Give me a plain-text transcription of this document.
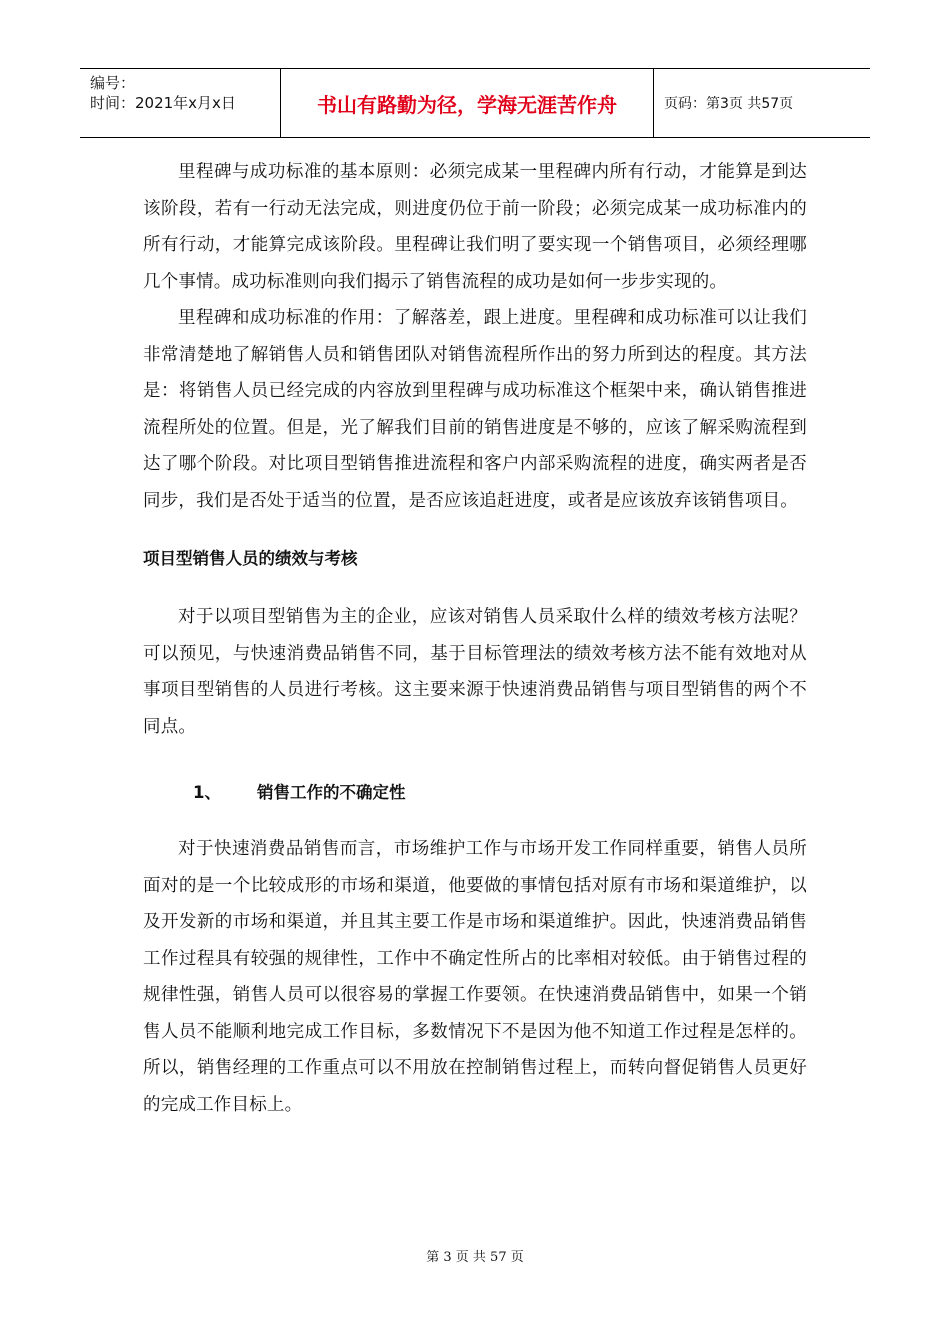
编号：
时间：2021年x月x日	书山有路勤为径，学海无涯苦作舟	页码：第3页 共57页

里程碑与成功标准的基本原则：必须完成某一里程碑内所有行动，才能算是到达该阶段，若有一行动无法完成，则进度仍位于前一阶段；必须完成某一成功标准内的所有行动，才能算完成该阶段。里程碑让我们明了要实现一个销售项目，必须经理哪几个事情。成功标准则向我们揭示了销售流程的成功是如何一步步实现的。

里程碑和成功标准的作用：了解落差，跟上进度。里程碑和成功标准可以让我们非常清楚地了解销售人员和销售团队对销售流程所作出的努力所到达的程度。其方法是：将销售人员已经完成的内容放到里程碑与成功标准这个框架中来，确认销售推进流程所处的位置。但是，光了解我们目前的销售进度是不够的，应该了解采购流程到达了哪个阶段。对比项目型销售推进流程和客户内部采购流程的进度，确实两者是否同步，我们是否处于适当的位置，是否应该追赶进度，或者是应该放弃该销售项目。

项目型销售人员的绩效与考核

对于以项目型销售为主的企业，应该对销售人员采取什么样的绩效考核方法呢？可以预见，与快速消费品销售不同，基于目标管理法的绩效考核方法不能有效地对从事项目型销售的人员进行考核。这主要来源于快速消费品销售与项目型销售的两个不同点。

1、 销售工作的不确定性

对于快速消费品销售而言，市场维护工作与市场开发工作同样重要，销售人员所面对的是一个比较成形的市场和渠道，他要做的事情包括对原有市场和渠道维护，以及开发新的市场和渠道，并且其主要工作是市场和渠道维护。因此，快速消费品销售工作过程具有较强的规律性，工作中不确定性所占的比率相对较低。由于销售过程的规律性强，销售人员可以很容易的掌握工作要领。在快速消费品销售中，如果一个销售人员不能顺利地完成工作目标，多数情况下不是因为他不知道工作过程是怎样的。所以，销售经理的工作重点可以不用放在控制销售过程上，而转向督促销售人员更好的完成工作目标上。

第 3 页 共 57 页
